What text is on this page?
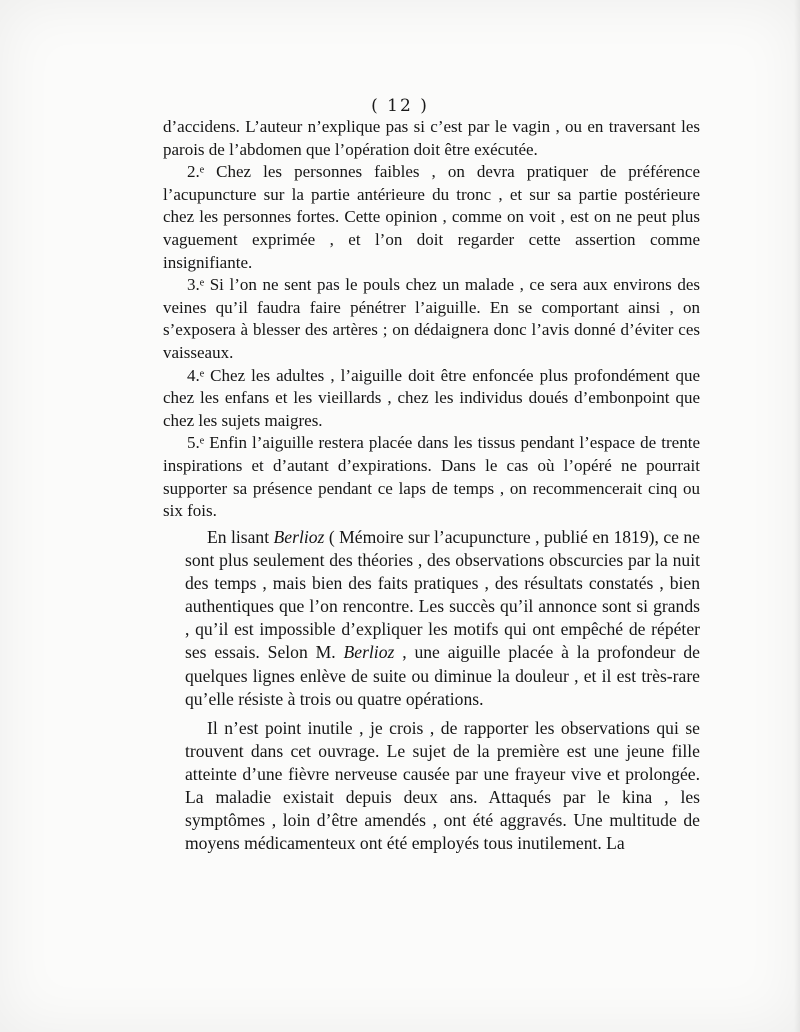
( 12 )

d’accidens. L’auteur n’explique pas si c’est par le vagin , ou en traversant les parois de l’abdomen que l’opération doit être exécutée.

2.ᵉ Chez les personnes faibles , on devra pratiquer de préférence l’acupuncture sur la partie antérieure du tronc , et sur sa partie postérieure chez les personnes fortes. Cette opinion , comme on voit , est on ne peut plus vaguement exprimée , et l’on doit regarder cette assertion comme insignifiante.

3.ᵉ Si l’on ne sent pas le pouls chez un malade , ce sera aux environs des veines qu’il faudra faire pénétrer l’aiguille. En se comportant ainsi , on s’exposera à blesser des artères ; on dédaignera donc l’avis donné d’éviter ces vaisseaux.

4.ᵉ Chez les adultes , l’aiguille doit être enfoncée plus profondément que chez les enfans et les vieillards , chez les individus doués d’embonpoint que chez les sujets maigres.

5.ᵉ Enfin l’aiguille restera placée dans les tissus pendant l’espace de trente inspirations et d’autant d’expirations. Dans le cas où l’opéré ne pourrait supporter sa présence pendant ce laps de temps , on recommencerait cinq ou six fois.

En lisant Berlioz ( Mémoire sur l’acupuncture , publié en 1819), ce ne sont plus seulement des théories , des observations obscurcies par la nuit des temps , mais bien des faits pratiques , des résultats constatés , bien authentiques que l’on rencontre. Les succès qu’il annonce sont si grands , qu’il est impossible d’expliquer les motifs qui ont empêché de répéter ses essais. Selon M. Berlioz , une aiguille placée à la profondeur de quelques lignes enlève de suite ou diminue la douleur , et il est très-rare qu’elle résiste à trois ou quatre opérations.

Il n’est point inutile , je crois , de rapporter les observations qui se trouvent dans cet ouvrage. Le sujet de la première est une jeune fille atteinte d’une fièvre nerveuse causée par une frayeur vive et prolongée. La maladie existait depuis deux ans. Attaqués par le kina , les symptômes , loin d’être amendés , ont été aggravés. Une multitude de moyens médicamenteux ont été employés tous inutilement. La
